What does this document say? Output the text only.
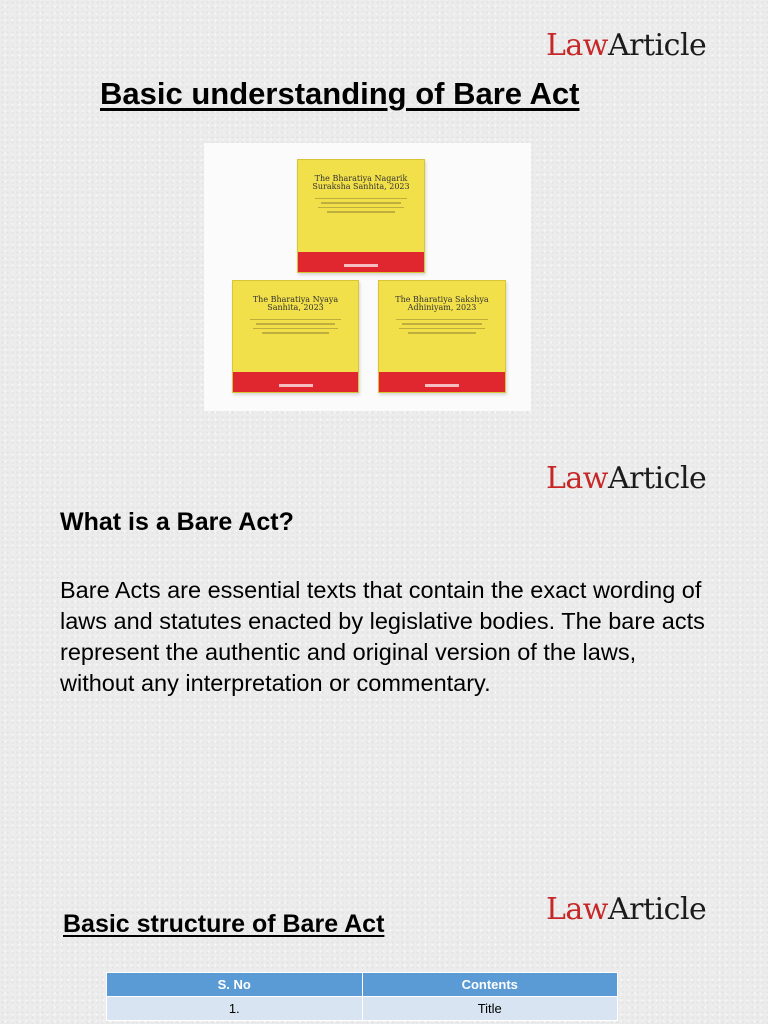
LawArticle
LawArticle
LawArticle
Basic understanding of Bare Act

The Bharatiya Nagarik Suraksha Sanhita, 2023

The Bharatiya Nyaya Sanhita, 2023

The Bharatiya Sakshya Adhiniyam, 2023
What is a Bare Act?

Bare Acts are essential texts that contain the exact wording of laws and statutes enacted by legislative bodies. The bare acts represent the authentic and original version of the laws, without any interpretation or commentary.

Basic structure of Bare Act
S. No	Contents
1.	Title
